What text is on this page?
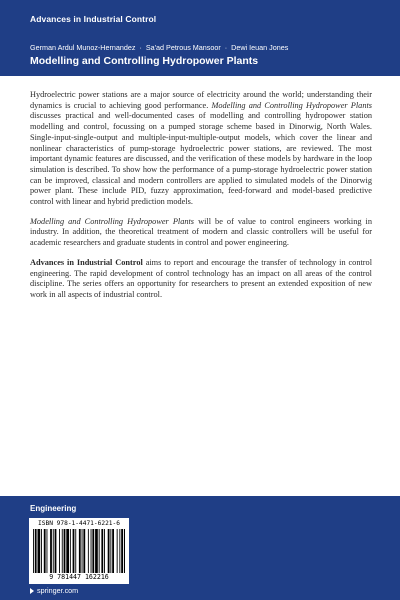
Advances in Industrial Control
German Ardul Munoz-Hernandez · Sa'ad Petrous Mansoor · Dewi Ieuan Jones
Modelling and Controlling Hydropower Plants

Hydroelectric power stations are a major source of electricity around the world; understanding their dynamics is crucial to achieving good performance. Modelling and Controlling Hydropower Plants discusses practical and well-documented cases of modelling and controlling hydropower station modelling and control, focussing on a pumped storage scheme based in Dinorwig, North Wales. Single-input-single-output and multiple-input-multiple-output models, which cover the linear and nonlinear characteristics of pump-storage hydroelectric power stations, are reviewed. The most important dynamic features are discussed, and the verification of these models by hardware in the loop simulation is described. To show how the performance of a pump-storage hydroelectric power station can be improved, classical and modern controllers are applied to simulated models of the Dinorwig power plant. These include PID, fuzzy approximation, feed-forward and model-based predictive control with linear and hybrid prediction models.

Modelling and Controlling Hydropower Plants will be of value to control engineers working in industry. In addition, the theoretical treatment of modern and classic controllers will be useful for academic researchers and graduate students in control and power engineering.

Advances in Industrial Control aims to report and encourage the transfer of technology in control engineering. The rapid development of control technology has an impact on all areas of the control discipline. The series offers an opportunity for researchers to present an extended exposition of new work in all aspects of industrial control.

Engineering
ISBN 978-1-4471-6221-6
9 781447 162216
springer.com
